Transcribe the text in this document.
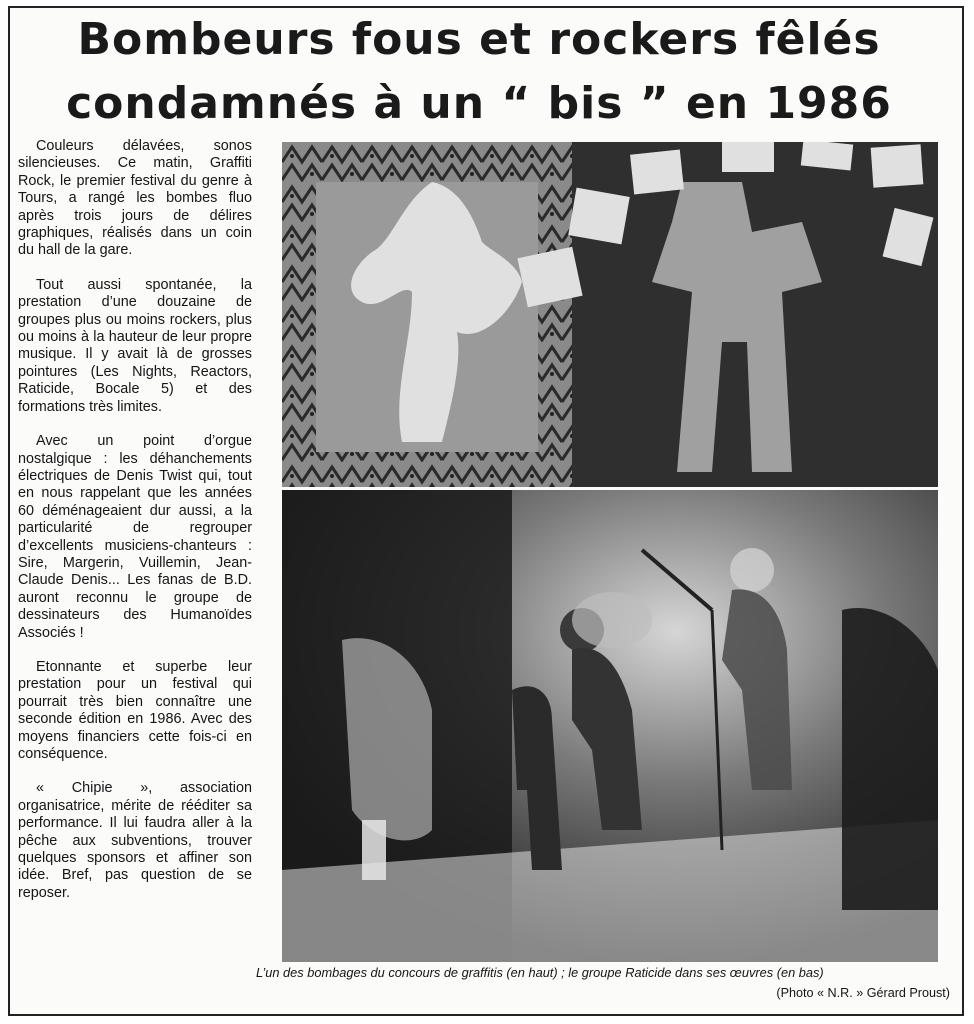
Bombeurs fous et rockers fêlés
condamnés à un “ bis ” en 1986

Couleurs délavées, sonos silencieuses. Ce matin, Graffiti Rock, le premier festival du genre à Tours, a rangé les bombes fluo après trois jours de délires graphiques, réalisés dans un coin du hall de la gare.

Tout aussi spontanée, la prestation d’une douzaine de groupes plus ou moins rockers, plus ou moins à la hauteur de leur propre musique. Il y avait là de grosses pointures (Les Nights, Reactors, Raticide, Bocale 5) et des formations très limites.

Avec un point d’orgue nostalgique : les déhanchements électriques de Denis Twist qui, tout en nous rappelant que les années 60 déménageaient dur aussi, a la particularité de regrouper d’excellents musiciens-chanteurs : Sire, Margerin, Vuillemin, Jean-Claude Denis... Les fanas de B.D. auront reconnu le groupe de dessinateurs des Humanoïdes Associés !

Etonnante et superbe leur prestation pour un festival qui pourrait très bien connaître une seconde édition en 1986. Avec des moyens financiers cette fois-ci en conséquence.

« Chipie », association organisatrice, mérite de rééditer sa performance. Il lui faudra aller à la pêche aux subventions, trouver quelques sponsors et affiner son idée. Bref, pas question de se reposer.

L’un des bombages du concours de graffitis (en haut) ; le groupe Raticide dans ses œuvres (en bas)
(Photo « N.R. » Gérard Proust)
